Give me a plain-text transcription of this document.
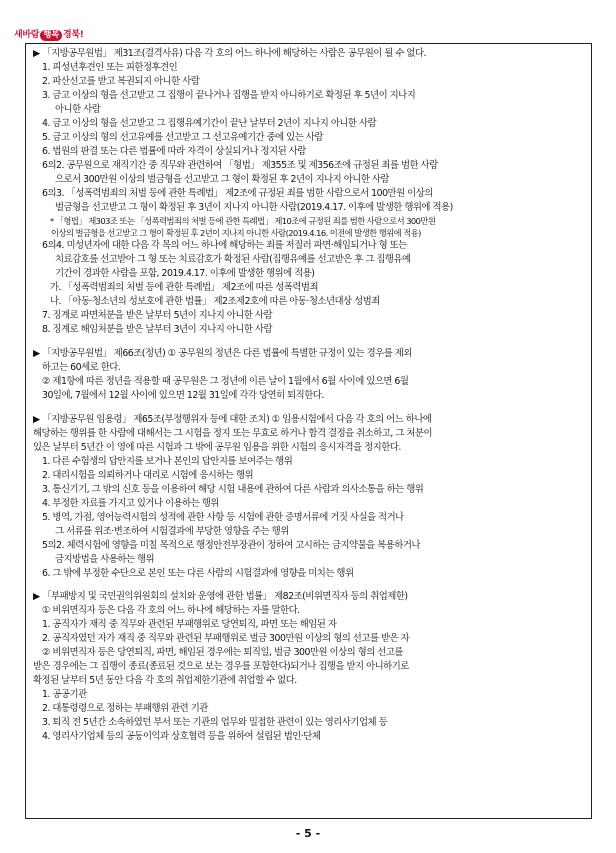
새바람 행복 경북!

▶ 「지방공무원법」 제31조(결격사유) 다음 각 호의 어느 하나에 해당하는 사람은 공무원이 될 수 없다.

1. 피성년후견인 또는 피한정후견인

2. 파산선고를 받고 복권되지 아니한 사람

3. 금고 이상의 형을 선고받고 그 집행이 끝나거나 집행을 받지 아니하기로 확정된 후 5년이 지나지

아니한 사람

4. 금고 이상의 형을 선고받고 그 집행유예기간이 끝난 날부터 2년이 지나지 아니한 사람

5. 금고 이상의 형의 선고유예를 선고받고 그 선고유예기간 중에 있는 사람

6. 법원의 판결 또는 다른 법률에 따라 자격이 상실되거나 정지된 사람

6의2. 공무원으로 재직기간 중 직무와 관련하여 「형법」 제355조 및 제356조에 규정된 죄를 범한 사람

으로서 300만원 이상의 벌금형을 선고받고 그 형이 확정된 후 2년이 지나지 아니한 사람

6의3. 「성폭력범죄의 처벌 등에 관한 특례법」 제2조에 규정된 죄를 범한 사람으로서 100만원 이상의

벌금형을 선고받고 그 형이 확정된 후 3년이 지나지 아니한 사람(2019.4.17. 이후에 발생한 행위에 적용)

* 「형법」 제303조 또는 「성폭력범죄의 처벌 등에 관한 특례법」 제10조에 규정된 죄를 범한 사람으로서 300만원

이상의 벌금형을 선고받고 그 형이 확정된 후 2년이 지나지 아니한 사람(2019.4.16. 이전에 발생한 행위에 적용)

6의4. 미성년자에 대한 다음 각 목의 어느 하나에 해당하는 죄를 저질러 파면·해임되거나 형 또는

치료감호를 선고받아 그 형 또는 치료감호가 확정된 사람(집행유예를 선고받은 후 그 집행유예

기간이 경과한 사람을 포함, 2019.4.17. 이후에 발생한 행위에 적용)

가. 「성폭력범죄의 처벌 등에 관한 특례법」 제2조에 따른 성폭력범죄

나. 「아동·청소년의 성보호에 관한 법률」 제2조제2호에 따른 아동·청소년대상 성범죄

7. 징계로 파면처분을 받은 날부터 5년이 지나지 아니한 사람

8. 징계로 해임처분을 받은 날부터 3년이 지나지 아니한 사람

▶ 「지방공무원법」 제66조(정년) ① 공무원의 정년은 다른 법률에 특별한 규정이 있는 경우를 제외

하고는 60세로 한다.

② 제1항에 따른 정년을 적용할 때 공무원은 그 정년에 이른 날이 1월에서 6월 사이에 있으면 6월

30일에, 7월에서 12월 사이에 있으면 12월 31일에 각각 당연히 퇴직한다.

▶ 「지방공무원 임용령」 제65조(부정행위자 등에 대한 조치) ① 임용시험에서 다음 각 호의 어느 하나에

해당하는 행위를 한 사람에 대해서는 그 시험을 정지 또는 무효로 하거나 합격 결정을 취소하고, 그 처분이

있은 날부터 5년간 이 영에 따른 시험과 그 밖에 공무원 임용을 위한 시험의 응시자격을 정지한다.

1. 다른 수험생의 답안지를 보거나 본인의 답안지를 보여주는 행위

2. 대리시험을 의뢰하거나 대리로 시험에 응시하는 행위

3. 통신기기, 그 밖의 신호 등을 이용하여 해당 시험 내용에 관하여 다른 사람과 의사소통을 하는 행위

4. 부정한 자료를 가지고 있거나 이용하는 행위

5. 병역, 가점, 영어능력시험의 성적에 관한 사항 등 시험에 관한 증명서류에 거짓 사실을 적거나

그 서류를 위조·변조하여 시험결과에 부당한 영향을 주는 행위

5의2. 체력시험에 영향을 미칠 목적으로 행정안전부장관이 정하여 고시하는 금지약물을 복용하거나

금지방법을 사용하는 행위

6. 그 밖에 부정한 수단으로 본인 또는 다른 사람의 시험결과에 영향을 미치는 행위

▶ 「부패방지 및 국민권익위원회의 설치와 운영에 관한 법률」 제82조(비위면직자 등의 취업제한)

① 비위면직자 등은 다음 각 호의 어느 하나에 해당하는 자를 말한다.

1. 공직자가 재직 중 직무와 관련된 부패행위로 당연퇴직, 파면 또는 해임된 자

2. 공직자였던 자가 재직 중 직무와 관련된 부패행위로 벌금 300만원 이상의 형의 선고를 받은 자

② 비위면직자 등은 당연퇴직, 파면, 해임된 경우에는 퇴직일, 벌금 300만원 이상의 형의 선고를

받은 경우에는 그 집행이 종료(종료된 것으로 보는 경우를 포함한다)되거나 집행을 받지 아니하기로

확정된 날부터 5년 동안 다음 각 호의 취업제한기관에 취업할 수 없다.

1. 공공기관

2. 대통령령으로 정하는 부패행위 관련 기관

3. 퇴직 전 5년간 소속하였던 부서 또는 기관의 업무와 밀접한 관련이 있는 영리사기업체 등

4. 영리사기업체 등의 공동이익과 상호협력 등을 위하여 설립된 법인·단체

- 5 -
